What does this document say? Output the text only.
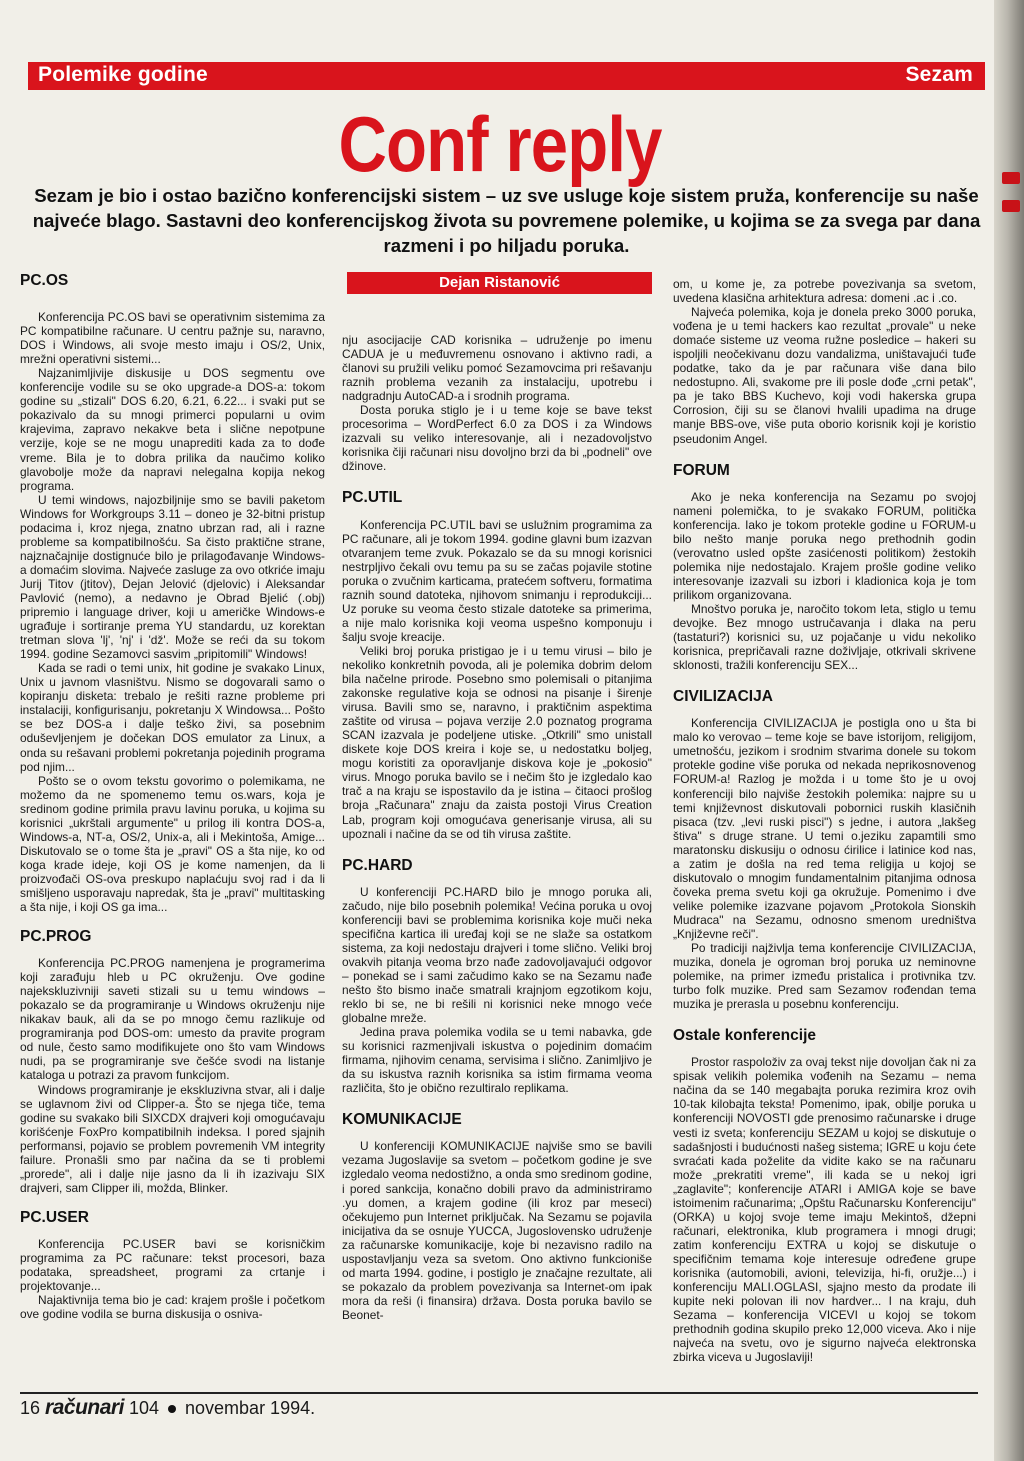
Polemike godine	Sezam
Conf reply
Sezam je bio i ostao bazično konferencijski sistem – uz sve usluge koje sistem pruža, konferencije su naše najveće blago. Sastavni deo konferencijskog života su povremene polemike, u kojima se za svega par dana razmeni i po hiljadu poruka.
Dejan Ristanović
PC.OS

Konferencija PC.OS bavi se operativnim sistemima za PC kompatibilne računare. U centru pažnje su, naravno, DOS i Windows, ali svoje mesto imaju i OS/2, Unix, mrežni operativni sistemi...

Najzanimljivije diskusije u DOS segmentu ove konferencije vodile su se oko upgrade-a DOS-a: tokom godine su „stizali" DOS 6.20, 6.21, 6.22... i svaki put se pokazivalo da su mnogi primerci popularni u ovim krajevima, zapravo nekakve beta i slične nepotpune verzije, koje se ne mogu unaprediti kada za to dođe vreme. Bila je to dobra prilika da naučimo koliko glavobolje može da napravi nelegalna kopija nekog programa.

U temi windows, najozbiljnije smo se bavili paketom Windows for Workgroups 3.11 – doneo je 32-bitni pristup podacima i, kroz njega, znatno ubrzan rad, ali i razne probleme sa kompatibilnošću. Sa čisto praktične strane, najznačajnije dostignuće bilo je prilagođavanje Windows-a domaćim slovima. Najveće zasluge za ovo otkriće imaju Jurij Titov (jtitov), Dejan Jelović (djelovic) i Aleksandar Pavlović (nemo), a nedavno je Obrad Bjelić (.obj) pripremio i language driver, koji u američke Windows-e ugrađuje i sortiranje prema YU standardu, uz korektan tretman slova 'lj', 'nj' i 'dž'. Može se reći da su tokom 1994. godine Sezamovci sasvim „pripitomili" Windows!

Kada se radi o temi unix, hit godine je svakako Linux, Unix u javnom vlasništvu. Nismo se dogovarali samo o kopiranju disketa: trebalo je rešiti razne probleme pri instalaciji, konfigurisanju, pokretanju X Windowsa... Pošto se bez DOS-a i dalje teško živi, sa posebnim oduševljenjem je dočekan DOS emulator za Linux, a onda su rešavani problemi pokretanja pojedinih programa pod njim...

Pošto se o ovom tekstu govorimo o polemikama, ne možemo da ne spomenemo temu os.wars, koja je sredinom godine primila pravu lavinu poruka, u kojima su korisnici „ukrštali argumente" u prilog ili kontra DOS-a, Windows-a, NT-a, OS/2, Unix-a, ali i Mekintoša, Amige... Diskutovalo se o tome šta je „pravi" OS a šta nije, ko od koga krade ideje, koji OS je kome namenjen, da li proizvođači OS-ova preskupo naplaćuju svoj rad i da li smišljeno usporavaju napredak, šta je „pravi" multitasking a šta nije, i koji OS ga ima...

PC.PROG

Konferencija PC.PROG namenjena je programerima koji zarađuju hleb u PC okruženju. Ove godine najekskluzivniji saveti stizali su u temu windows – pokazalo se da programiranje u Windows okruženju nije nikakav bauk, ali da se po mnogo čemu razlikuje od programiranja pod DOS-om: umesto da pravite program od nule, često samo modifikujete ono što vam Windows nudi, pa se programiranje sve češće svodi na listanje kataloga u potrazi za pravom funkcijom.

Windows programiranje je ekskluzivna stvar, ali i dalje se uglavnom živi od Clipper-a. Što se njega tiče, tema godine su svakako bili SIXCDX drajveri koji omogućavaju korišćenje FoxPro kompatibilnih indeksa. I pored sjajnih performansi, pojavio se problem povremenih VM integrity failure. Pronašli smo par načina da se ti problemi „prorede", ali i dalje nije jasno da li ih izazivaju SIX drajveri, sam Clipper ili, možda, Blinker.

PC.USER

Konferencija PC.USER bavi se korisničkim programima za PC računare: tekst procesori, baza podataka, spreadsheet, programi za crtanje i projektovanje...

Najaktivnija tema bio je cad: krajem prošle i početkom ove godine vodila se burna diskusija o osniva-

nju asocijacije CAD korisnika – udruženje po imenu CADUA je u međuvremenu osnovano i aktivno radi, a članovi su pružili veliku pomoć Sezamovcima pri rešavanju raznih problema vezanih za instalaciju, upotrebu i nadgradnju AutoCAD-a i srodnih programa.

Dosta poruka stiglo je i u teme koje se bave tekst procesorima – WordPerfect 6.0 za DOS i za Windows izazvali su veliko interesovanje, ali i nezadovoljstvo korisnika čiji računari nisu dovoljno brzi da bi „podneli" ove džinove.

PC.UTIL

Konferencija PC.UTIL bavi se uslužnim programima za PC računare, ali je tokom 1994. godine glavni bum izazvan otvaranjem teme zvuk. Pokazalo se da su mnogi korisnici nestrpljivo čekali ovu temu pa su se začas pojavile stotine poruka o zvučnim karticama, pratećem softveru, formatima raznih sound datoteka, njihovom snimanju i reprodukciji... Uz poruke su veoma često stizale datoteke sa primerima, a nije malo korisnika koji veoma uspešno komponuju i šalju svoje kreacije.

Veliki broj poruka pristigao je i u temu virusi – bilo je nekoliko konkretnih povoda, ali je polemika dobrim delom bila načelne prirode. Posebno smo polemisali o pitanjima zakonske regulative koja se odnosi na pisanje i širenje virusa. Bavili smo se, naravno, i praktičnim aspektima zaštite od virusa – pojava verzije 2.0 poznatog programa SCAN izazvala je podeljene utiske. „Otkrili" smo unistall diskete koje DOS kreira i koje se, u nedostatku boljeg, mogu koristiti za oporavljanje diskova koje je „pokosio" virus. Mnogo poruka bavilo se i nečim što je izgledalo kao trač a na kraju se ispostavilo da je istina – čitaoci prošlog broja „Računara" znaju da zaista postoji Virus Creation Lab, program koji omogućava generisanje virusa, ali su upoznali i načine da se od tih virusa zaštite.

PC.HARD

U konferenciji PC.HARD bilo je mnogo poruka ali, začudo, nije bilo posebnih polemika! Većina poruka u ovoj konferenciji bavi se problemima korisnika koje muči neka specifična kartica ili uređaj koji se ne slaže sa ostatkom sistema, za koji nedostaju drajveri i tome slično. Veliki broj ovakvih pitanja veoma brzo nađe zadovoljavajući odgovor – ponekad se i sami začudimo kako se na Sezamu nađe nešto što bismo inače smatrali krajnjom egzotikom koju, reklo bi se, ne bi rešili ni korisnici neke mnogo veće globalne mreže.

Jedina prava polemika vodila se u temi nabavka, gde su korisnici razmenjivali iskustva o pojedinim domaćim firmama, njihovim cenama, servisima i slično. Zanimljivo je da su iskustva raznih korisnika sa istim firmama veoma različita, što je obično rezultiralo replikama.

KOMUNIKACIJE

U konferenciji KOMUNIKACIJE najviše smo se bavili vezama Jugoslavije sa svetom – početkom godine je sve izgledalo veoma nedostižno, a onda smo sredinom godine, i pored sankcija, konačno dobili pravo da administriramo .yu domen, a krajem godine (ili kroz par meseci) očekujemo pun Internet priključak. Na Sezamu se pojavila inicijativa da se osnuje YUCCA, Jugoslovensko udruženje za računarske komunikacije, koje bi nezavisno radilo na uspostavljanju veza sa svetom. Ono aktivno funkcioniše od marta 1994. godine, i postiglo je značajne rezultate, ali se pokazalo da problem povezivanja sa Internet-om ipak mora da reši (i finansira) država. Dosta poruka bavilo se Beonet-

om, u kome je, za potrebe povezivanja sa svetom, uvedena klasična arhitektura adresa: domeni .ac i .co.

Najveća polemika, koja je donela preko 3000 poruka, vođena je u temi hackers kao rezultat „provale" u neke domaće sisteme uz veoma ružne posledice – hakeri su ispoljili neočekivanu dozu vandalizma, uništavajući tuđe podatke, tako da je par računara više dana bilo nedostupno. Ali, svakome pre ili posle dođe „crni petak", pa je tako BBS Kuchevo, koji vodi hakerska grupa Corrosion, čiji su se članovi hvalili upadima na druge manje BBS-ove, više puta oborio korisnik koji je koristio pseudonim Angel.

FORUM

Ako je neka konferencija na Sezamu po svojoj nameni polemička, to je svakako FORUM, politička konferencija. Iako je tokom protekle godine u FORUM-u bilo nešto manje poruka nego prethodnih godin (verovatno usled opšte zasićenosti politikom) žestokih polemika nije nedostajalo. Krajem prošle godine veliko interesovanje izazvali su izbori i kladionica koja je tom prilikom organizovana.

Mnoštvo poruka je, naročito tokom leta, stiglo u temu devojke. Bez mnogo ustručavanja i dlaka na peru (tastaturi?) korisnici su, uz pojačanje u vidu nekoliko korisnica, prepričavali razne doživljaje, otkrivali skrivene sklonosti, tražili konferenciju SEX...

CIVILIZACIJA

Konferencija CIVILIZACIJA je postigla ono u šta bi malo ko verovao – teme koje se bave istorijom, religijom, umetnošću, jezikom i srodnim stvarima donele su tokom protekle godine više poruka od nekada neprikosnovenog FORUM-a! Razlog je možda i u tome što je u ovoj konferenciji bilo najviše žestokih polemika: najpre su u temi književnost diskutovali pobornici ruskih klasičnih pisaca (tzv. „levi ruski pisci") s jedne, i autora „lakšeg štiva" s druge strane. U temi o.jeziku zapamtili smo maratonsku diskusiju o odnosu ćirilice i latinice kod nas, a zatim je došla na red tema religija u kojoj se diskutovalo o mnogim fundamentalnim pitanjima odnosa čoveka prema svetu koji ga okružuje. Pomenimo i dve velike polemike izazvane pojavom „Protokola Sionskih Mudraca" na Sezamu, odnosno smenom uredništva „Književne reči".

Po tradiciji najživlja tema konferencije CIVILIZACIJA, muzika, donela je ogroman broj poruka uz neminovne polemike, na primer između pristalica i protivnika tzv. turbo folk muzike. Pred sam Sezamov rođendan tema muzika je prerasla u posebnu konferenciju.

Ostale konferencije

Prostor raspoloživ za ovaj tekst nije dovoljan čak ni za spisak velikih polemika vođenih na Sezamu – nema načina da se 140 megabajta poruka rezimira kroz ovih 10-tak kilobajta teksta! Pomenimo, ipak, obilje poruka u konferenciji NOVOSTI gde prenosimo računarske i druge vesti iz sveta; konferenciju SEZAM u kojoj se diskutuje o sadašnjosti i budućnosti našeg sistema; IGRE u koju ćete svraćati kada poželite da vidite kako se na računaru može „prekratiti vreme", ili kada se u nekoj igri „zaglavite"; konferencije ATARI i AMIGA koje se bave istoimenim računarima; „Opštu Računarsku Konferenciju" (ORKA) u kojoj svoje teme imaju Mekintoš, džepni računari, elektronika, klub programera i mnogi drugi; zatim konferenciju EXTRA u kojoj se diskutuje o specifičnim temama koje interesuje određene grupe korisnika (automobili, avioni, televizija, hi-fi, oružje...) i konferenciju MALI.OGLASI, sjajno mesto da prodate ili kupite neki polovan ili nov hardver... I na kraju, duh Sezama – konferencija VICEVI u kojoj se tokom prethodnih godina skupilo preko 12,000 viceva. Ako i nije najveća na svetu, ovo je sigurno najveća elektronska zbirka viceva u Jugoslaviji!

16 računari 104 novembar 1994.
